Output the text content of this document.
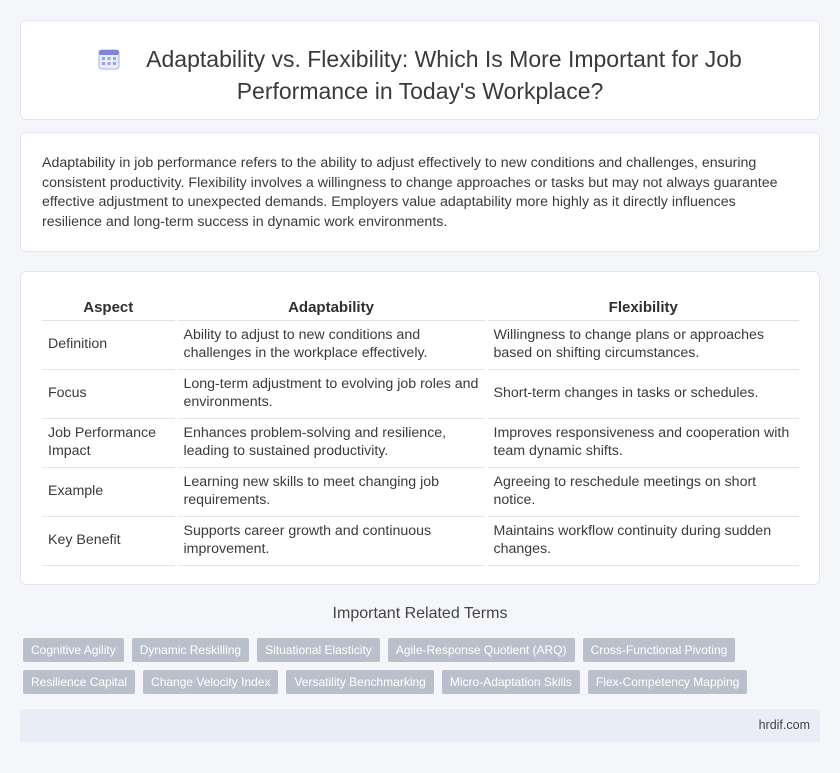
Adaptability vs. Flexibility: Which Is More Important for Job
Performance in Today's Workplace?

Adaptability in job performance refers to the ability to adjust effectively to new conditions and challenges, ensuring consistent productivity. Flexibility involves a willingness to change approaches or tasks but may not always guarantee effective adjustment to unexpected demands. Employers value adaptability more highly as it directly influences resilience and long-term success in dynamic work environments.

Aspect	Adaptability	Flexibility
Definition	Ability to adjust to new conditions and challenges in the workplace effectively.	Willingness to change plans or approaches based on shifting circumstances.
Focus	Long-term adjustment to evolving job roles and environments.	Short-term changes in tasks or schedules.
Job Performance Impact	Enhances problem-solving and resilience, leading to sustained productivity.	Improves responsiveness and cooperation with team dynamic shifts.
Example	Learning new skills to meet changing job requirements.	Agreeing to reschedule meetings on short notice.
Key Benefit	Supports career growth and continuous improvement.	Maintains workflow continuity during sudden changes.
Important Related Terms
Cognitive Agility	Dynamic Reskilling	Situational Elasticity	Agile-Response Quotient (ARQ)	Cross-Functional Pivoting
Resilience Capital	Change Velocity Index	Versatility Benchmarking	Micro-Adaptation Skills	Flex-Competency Mapping
hrdif.com
